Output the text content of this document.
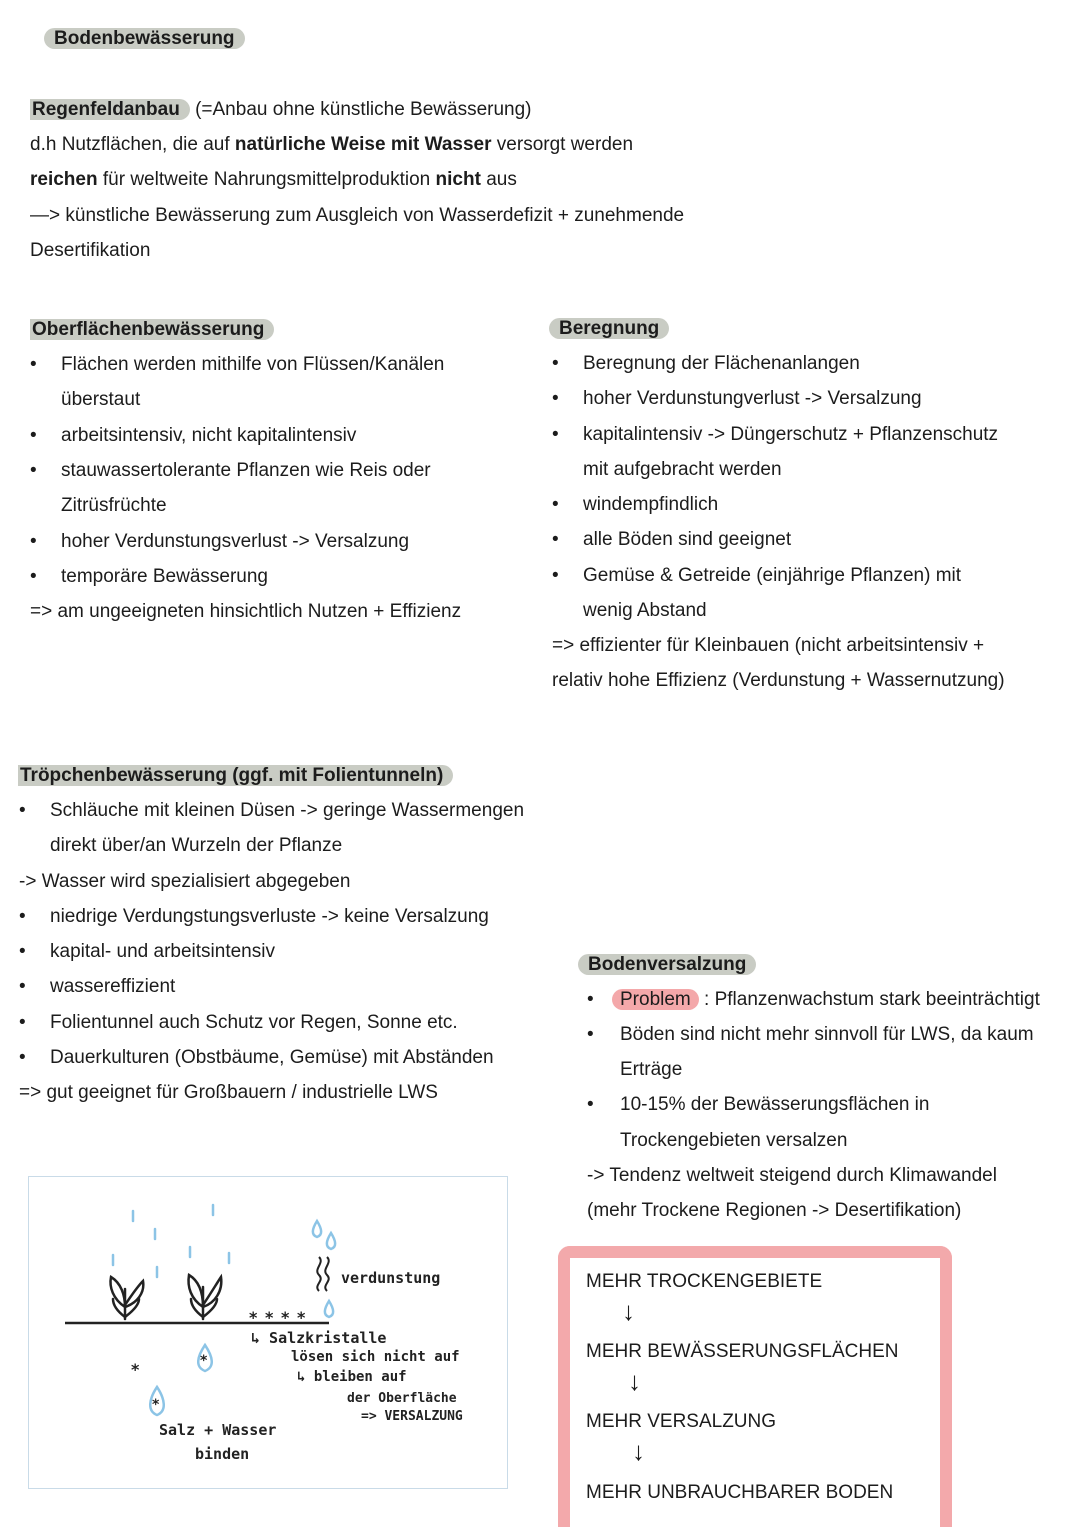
Bodenbewässerung
Regenfeldanbau (=Anbau ohne künstliche Bewässerung)
d.h Nutzflächen, die auf natürliche Weise mit Wasser versorgt werden
reichen für weltweite Nahrungsmittelproduktion nicht aus
—> künstliche Bewässerung zum Ausgleich von Wasserdefizit + zunehmende
Desertifikation
Oberflächenbewässerung
• Flächen werden mithilfe von Flüssen/Kanälen
überstaut
• arbeitsintensiv, nicht kapitalintensiv
• stauwassertolerante Pflanzen wie Reis oder
Zitrüsfrüchte
• hoher Verdunstungsverlust -> Versalzung
• temporäre Bewässerung
=> am ungeeigneten hinsichtlich Nutzen + Effizienz
Beregnung
• Beregnung der Flächenanlangen
• hoher Verdunstungverlust -> Versalzung
• kapitalintensiv -> Düngerschutz + Pflanzenschutz
mit aufgebracht werden
• windempfindlich
• alle Böden sind geeignet
• Gemüse & Getreide (einjährige Pflanzen) mit
wenig Abstand
=> effizienter für Kleinbauen (nicht arbeitsintensiv +
relativ hohe Effizienz (Verdunstung + Wassernutzung)
Tröpchenbewässerung (ggf. mit Folientunneln)
• Schläuche mit kleinen Düsen -> geringe Wassermengen
direkt über/an Wurzeln der Pflanze
-> Wasser wird spezialisiert abgegeben
• niedrige Verdungstungsverluste -> keine Versalzung
• kapital- und arbeitsintensiv
• wassereffizient
• Folientunnel auch Schutz vor Regen, Sonne etc.
• Dauerkulturen (Obstbäume, Gemüse) mit Abständen
=> gut geeignet für Großbauern / industrielle LWS
Bodenversalzung
• Problem : Pflanzenwachstum stark beeinträchtigt
• Böden sind nicht mehr sinnvoll für LWS, da kaum
Erträge
• 10-15% der Bewässerungsflächen in
Trockengebieten versalzen
-> Tendenz weltweit steigend durch Klimawandel
(mehr Trockene Regionen -> Desertifikation)
* * * *
*	*
*
verdunstung
↳ Salzkristalle
lösen sich nicht auf
↳ bleiben auf
der Oberfläche
=> VERSALZUNG
Salz + Wasser
binden
MEHR TROCKENGEBIETE
↓
MEHR BEWÄSSERUNGSFLÄCHEN
↓
MEHR VERSALZUNG
↓
MEHR UNBRAUCHBARER BODEN
